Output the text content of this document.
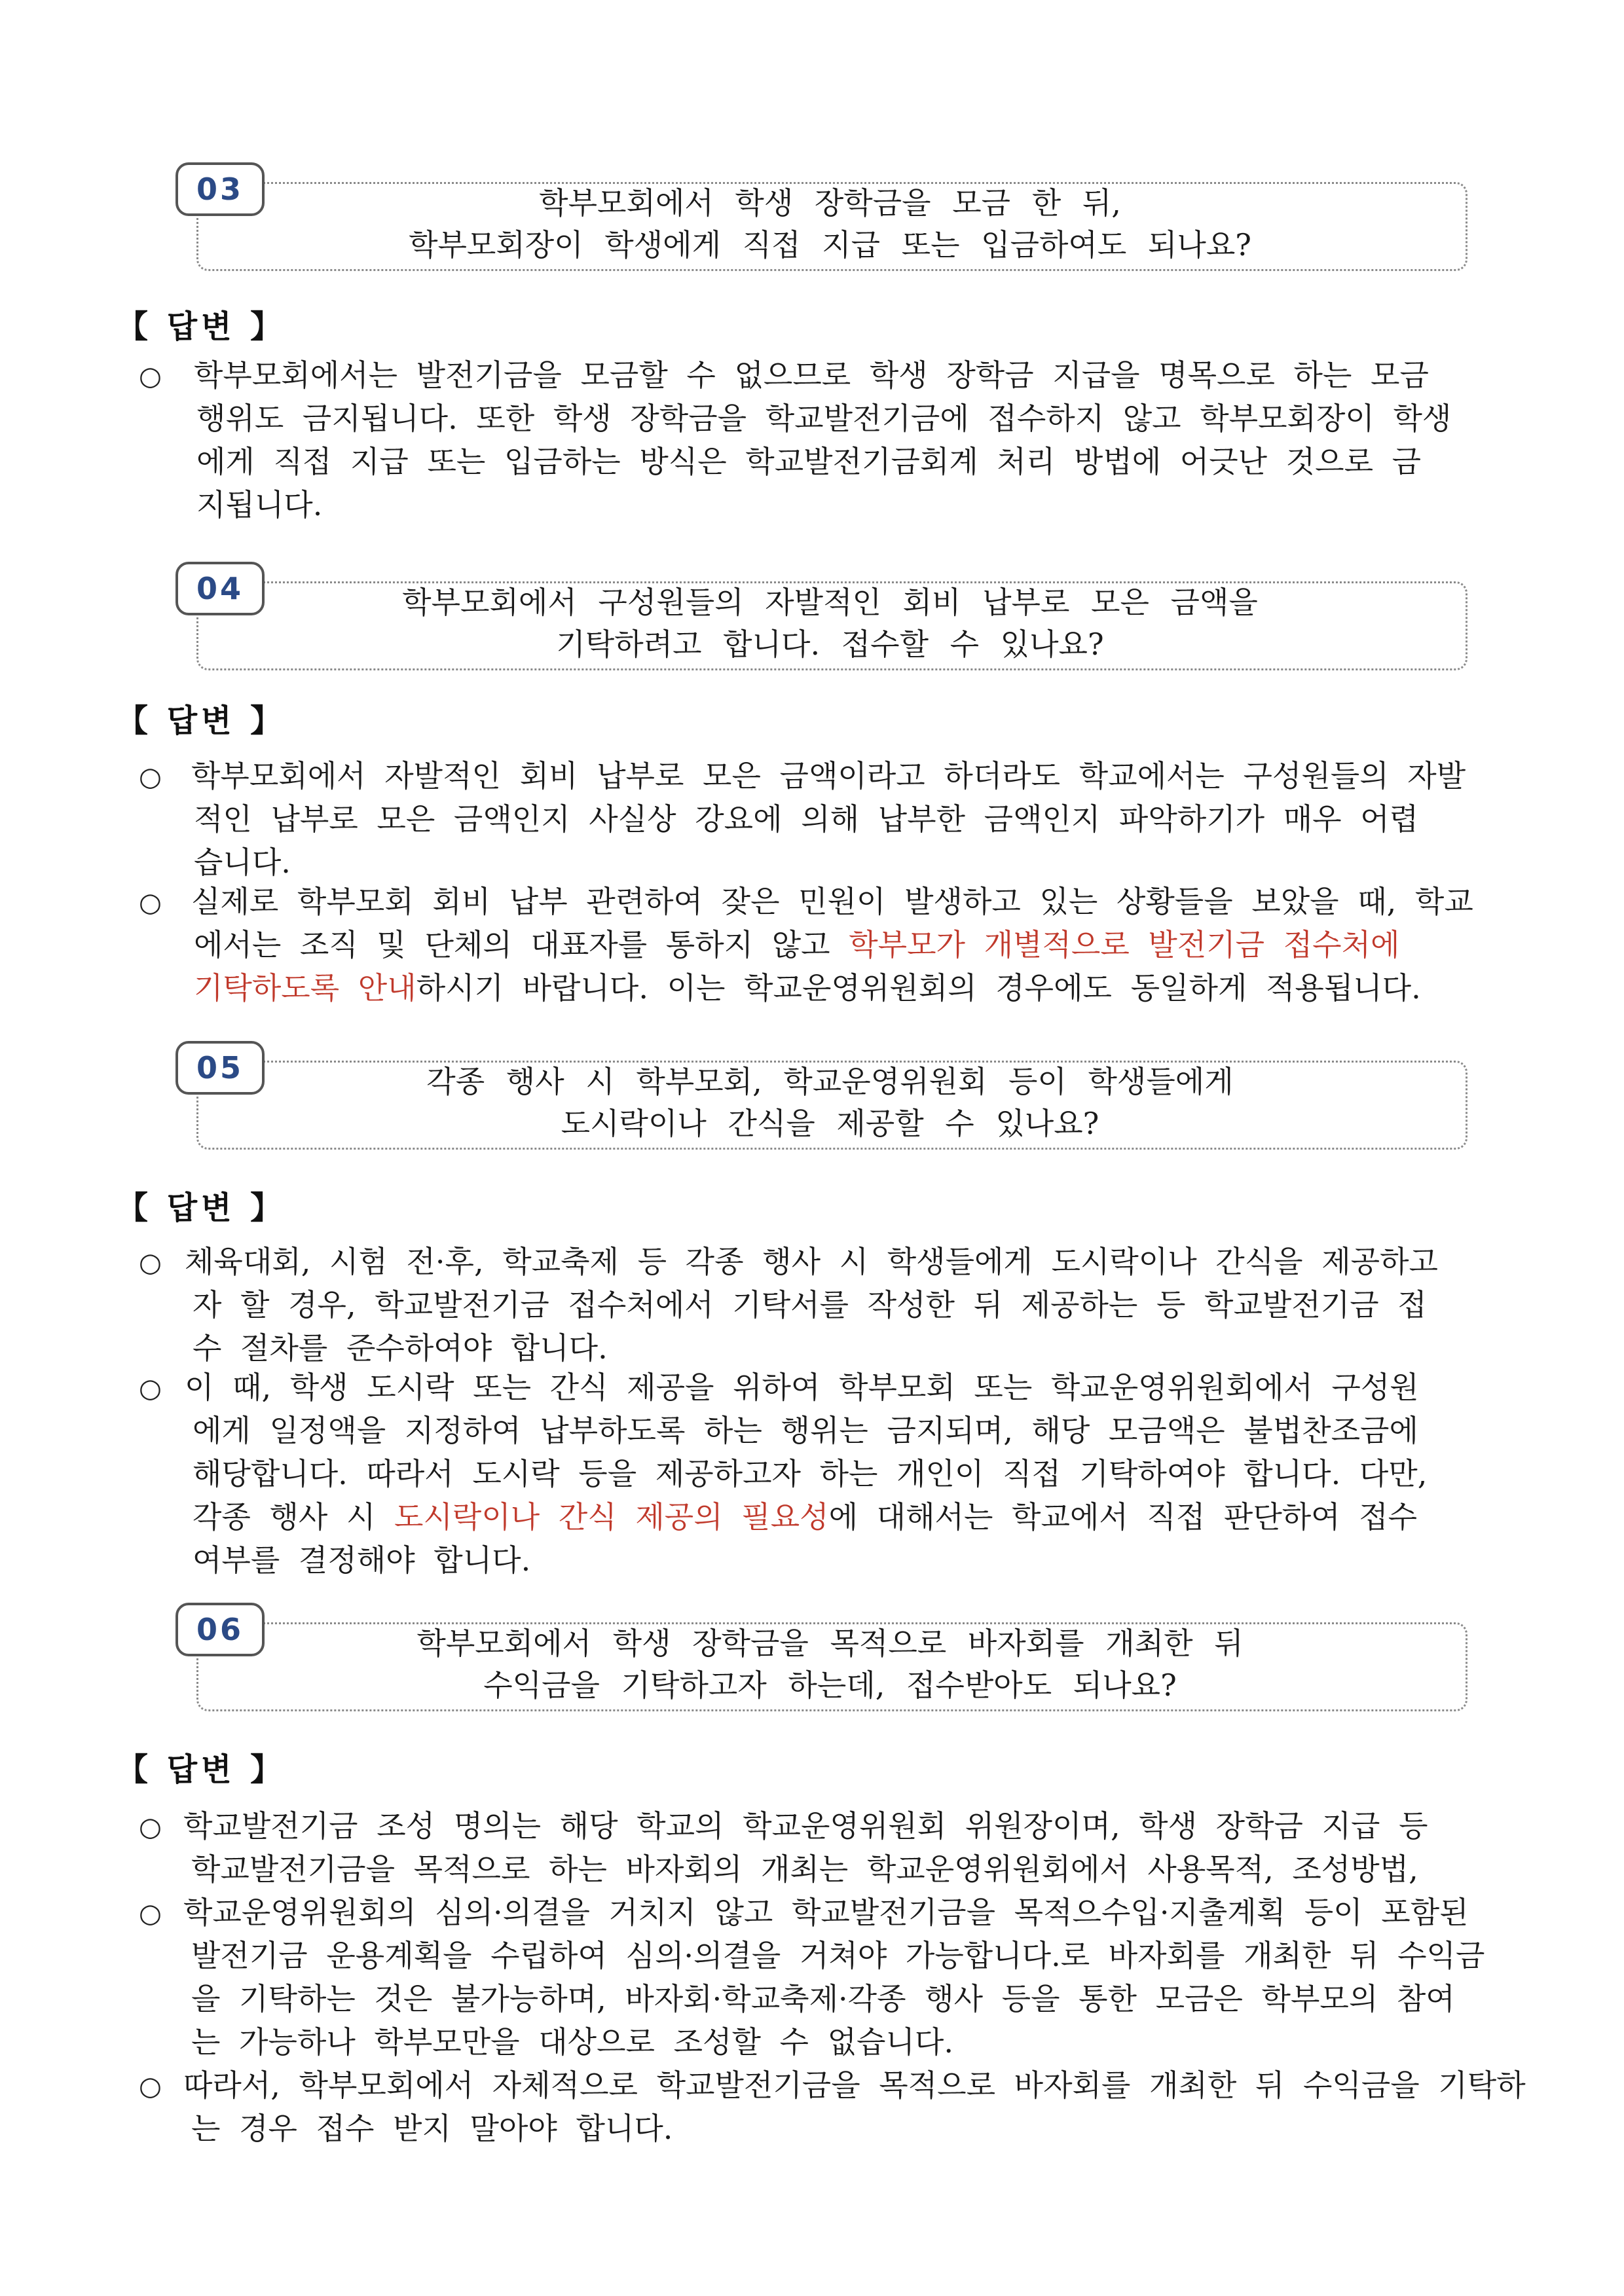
03	학부모회에서 학생 장학금을 모금 한 뒤,
학부모회장이 학생에게 직접 지급 또는 입금하여도 되나요?
【 답변 】
○ 학부모회에서는 발전기금을 모금할 수 없으므로 학생 장학금 지급을 명목으로 하는 모금
행위도 금지됩니다. 또한 학생 장학금을 학교발전기금에 접수하지 않고 학부모회장이 학생
에게 직접 지급 또는 입금하는 방식은 학교발전기금회계 처리 방법에 어긋난 것으로 금
지됩니다.
04	학부모회에서 구성원들의 자발적인 회비 납부로 모은 금액을
기탁하려고 합니다. 접수할 수 있나요?
【 답변 】
○ 학부모회에서 자발적인 회비 납부로 모은 금액이라고 하더라도 학교에서는 구성원들의 자발
적인 납부로 모은 금액인지 사실상 강요에 의해 납부한 금액인지 파악하기가 매우 어렵
습니다.
○ 실제로 학부모회 회비 납부 관련하여 잦은 민원이 발생하고 있는 상황들을 보았을 때, 학교
에서는 조직 및 단체의 대표자를 통하지 않고 학부모가 개별적으로 발전기금 접수처에
기탁하도록 안내하시기 바랍니다. 이는 학교운영위원회의 경우에도 동일하게 적용됩니다.
05	각종 행사 시 학부모회, 학교운영위원회 등이 학생들에게
도시락이나 간식을 제공할 수 있나요?
【 답변 】
○ 체육대회, 시험 전·후, 학교축제 등 각종 행사 시 학생들에게 도시락이나 간식을 제공하고
자 할 경우, 학교발전기금 접수처에서 기탁서를 작성한 뒤 제공하는 등 학교발전기금 접
수 절차를 준수하여야 합니다.
○ 이 때, 학생 도시락 또는 간식 제공을 위하여 학부모회 또는 학교운영위원회에서 구성원
에게 일정액을 지정하여 납부하도록 하는 행위는 금지되며, 해당 모금액은 불법찬조금에
해당합니다. 따라서 도시락 등을 제공하고자 하는 개인이 직접 기탁하여야 합니다. 다만,
각종 행사 시 도시락이나 간식 제공의 필요성에 대해서는 학교에서 직접 판단하여 접수
여부를 결정해야 합니다.
06	학부모회에서 학생 장학금을 목적으로 바자회를 개최한 뒤
수익금을 기탁하고자 하는데, 접수받아도 되나요?
【 답변 】
○ 학교발전기금 조성 명의는 해당 학교의 학교운영위원회 위원장이며, 학생 장학금 지급 등
학교발전기금을 목적으로 하는 바자회의 개최는 학교운영위원회에서 사용목적, 조성방법,
○ 학교운영위원회의 심의·의결을 거치지 않고 학교발전기금을 목적으수입·지출계획 등이 포함된
발전기금 운용계획을 수립하여 심의·의결을 거쳐야 가능합니다.로 바자회를 개최한 뒤 수익금
을 기탁하는 것은 불가능하며, 바자회·학교축제·각종 행사 등을 통한 모금은 학부모의 참여
는 가능하나 학부모만을 대상으로 조성할 수 없습니다.
○ 따라서, 학부모회에서 자체적으로 학교발전기금을 목적으로 바자회를 개최한 뒤 수익금을 기탁하
는 경우 접수 받지 말아야 합니다.
